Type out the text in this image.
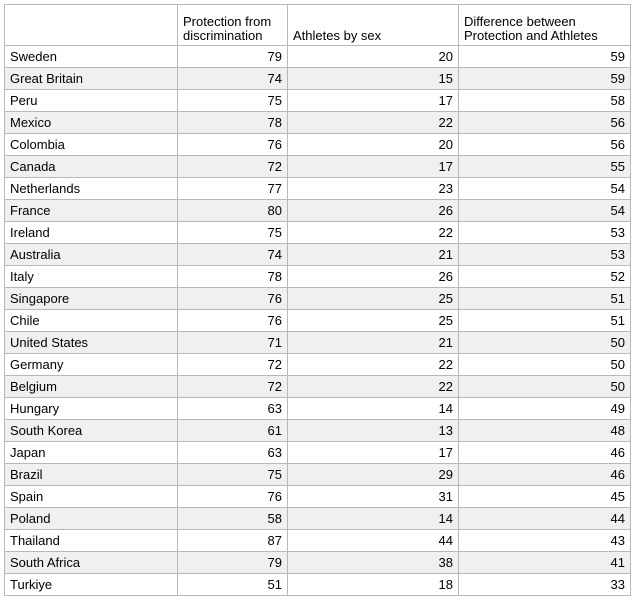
	Protection from discrimination	Athletes by sex	Difference between Protection and Athletes
Sweden	79	20	59
Great Britain	74	15	59
Peru	75	17	58
Mexico	78	22	56
Colombia	76	20	56
Canada	72	17	55
Netherlands	77	23	54
France	80	26	54
Ireland	75	22	53
Australia	74	21	53
Italy	78	26	52
Singapore	76	25	51
Chile	76	25	51
United States	71	21	50
Germany	72	22	50
Belgium	72	22	50
Hungary	63	14	49
South Korea	61	13	48
Japan	63	17	46
Brazil	75	29	46
Spain	76	31	45
Poland	58	14	44
Thailand	87	44	43
South Africa	79	38	41
Turkiye	51	18	33
